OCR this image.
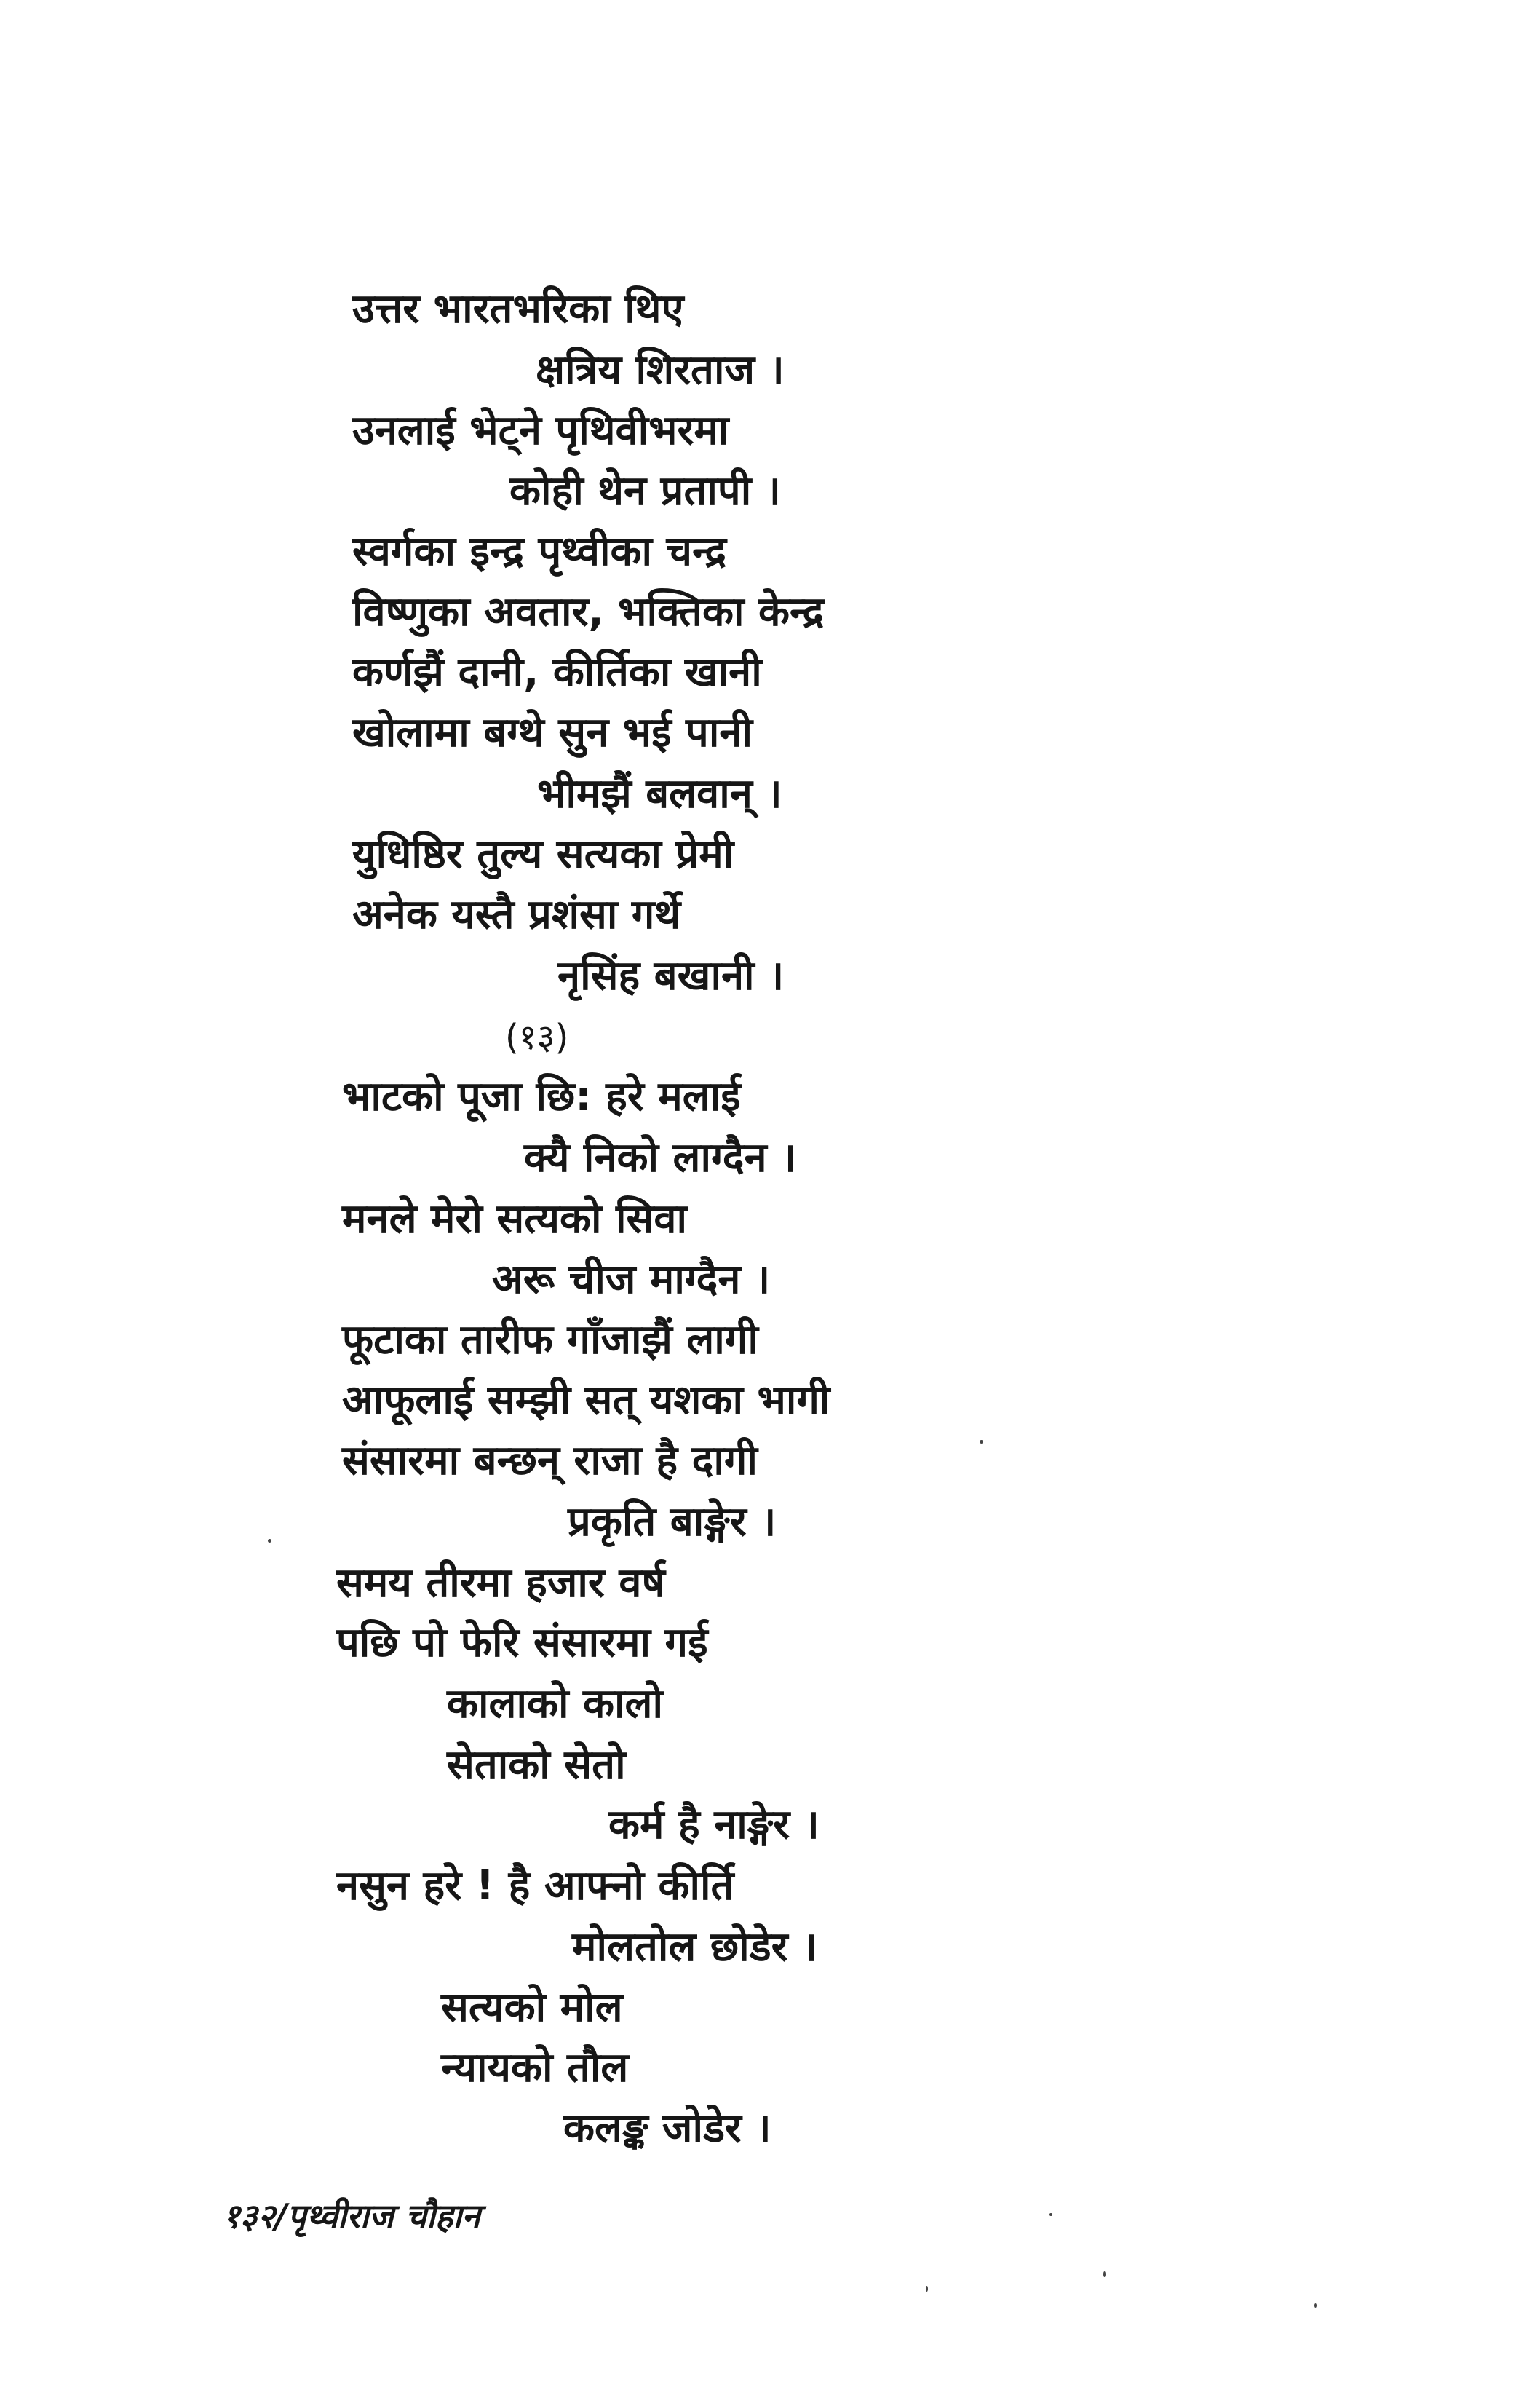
उत्तर भारतभरिका थिए
क्षत्रिय शिरताज ।
उनलाई भेट्ने पृथिवीभरमा
कोही थेन प्रतापी ।
स्वर्गका इन्द्र पृथ्वीका चन्द्र
विष्णुका अवतार, भक्तिका केन्द्र
कर्णझैं दानी, कीर्तिका खानी
खोलामा बग्थे सुन भई पानी
भीमझैं बलवान् ।
युधिष्ठिर तुल्य सत्यका प्रेमी
अनेक यस्तै प्रशंसा गर्थे
नृसिंह बखानी ।
(१३)
भाटको पूजा छि: हरे मलाई
क्यै निको लाग्दैन ।
मनले मेरो सत्यको सिवा
अरू चीज माग्दैन ।
फूटाका तारीफ गाँजाझैं लागी
आफूलाई सम्झी सत् यशका भागी
संसारमा बन्छन् राजा है दागी
प्रकृति बाङ्गेर ।
समय तीरमा हजार वर्ष
पछि पो फेरि संसारमा गई
कालाको कालो
सेताको सेतो
कर्म है नाङ्गेर ।
नसुन हरे ! है आफ्नो कीर्ति
मोलतोल छोडेर ।
सत्यको मोल
न्यायको तौल
कलङ्क जोडेर ।
१३२/पृथ्वीराज चौहान
